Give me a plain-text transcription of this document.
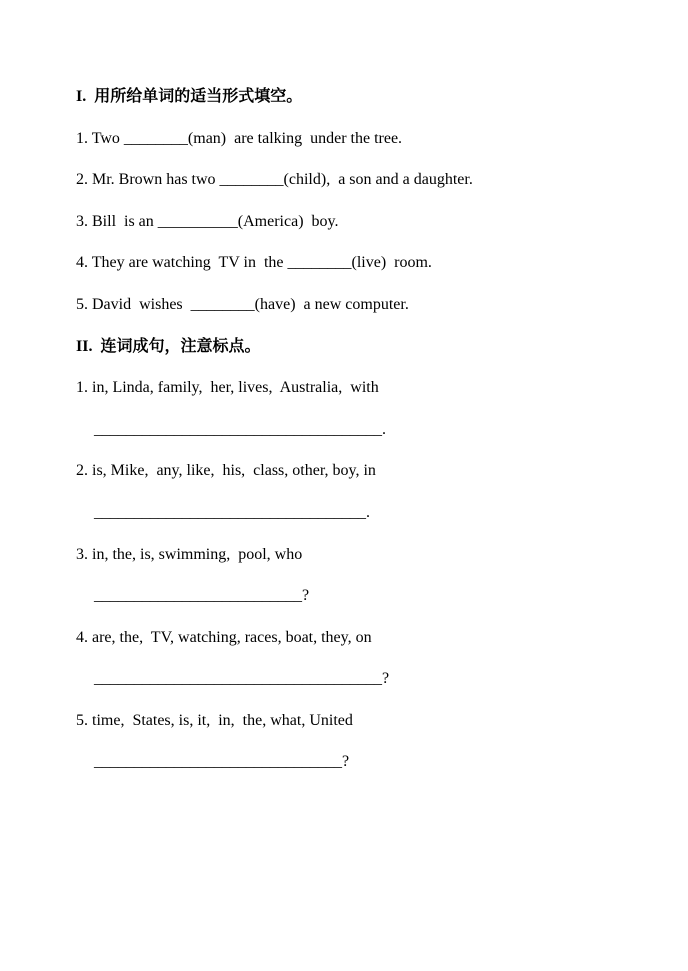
I.  用所给单词的适当形式填空。
1. Two ________(man)  are talking  under the tree.
2. Mr. Brown has two ________(child),  a son and a daughter.
3. Bill  is an __________(America)  boy.
4. They are watching  TV in  the ________(live)  room.
5. David  wishes  ________(have)  a new computer.
II.  连词成句，注意标点。
1. in, Linda, family,  her, lives,  Australia,  with
____________________________________.
2. is, Mike,  any, like,  his,  class, other, boy, in
__________________________________.
3. in, the, is, swimming,  pool, who
__________________________?
4. are, the,  TV, watching, races, boat, they, on
____________________________________?
5. time,  States, is, it,  in,  the, what, United
_______________________________?
